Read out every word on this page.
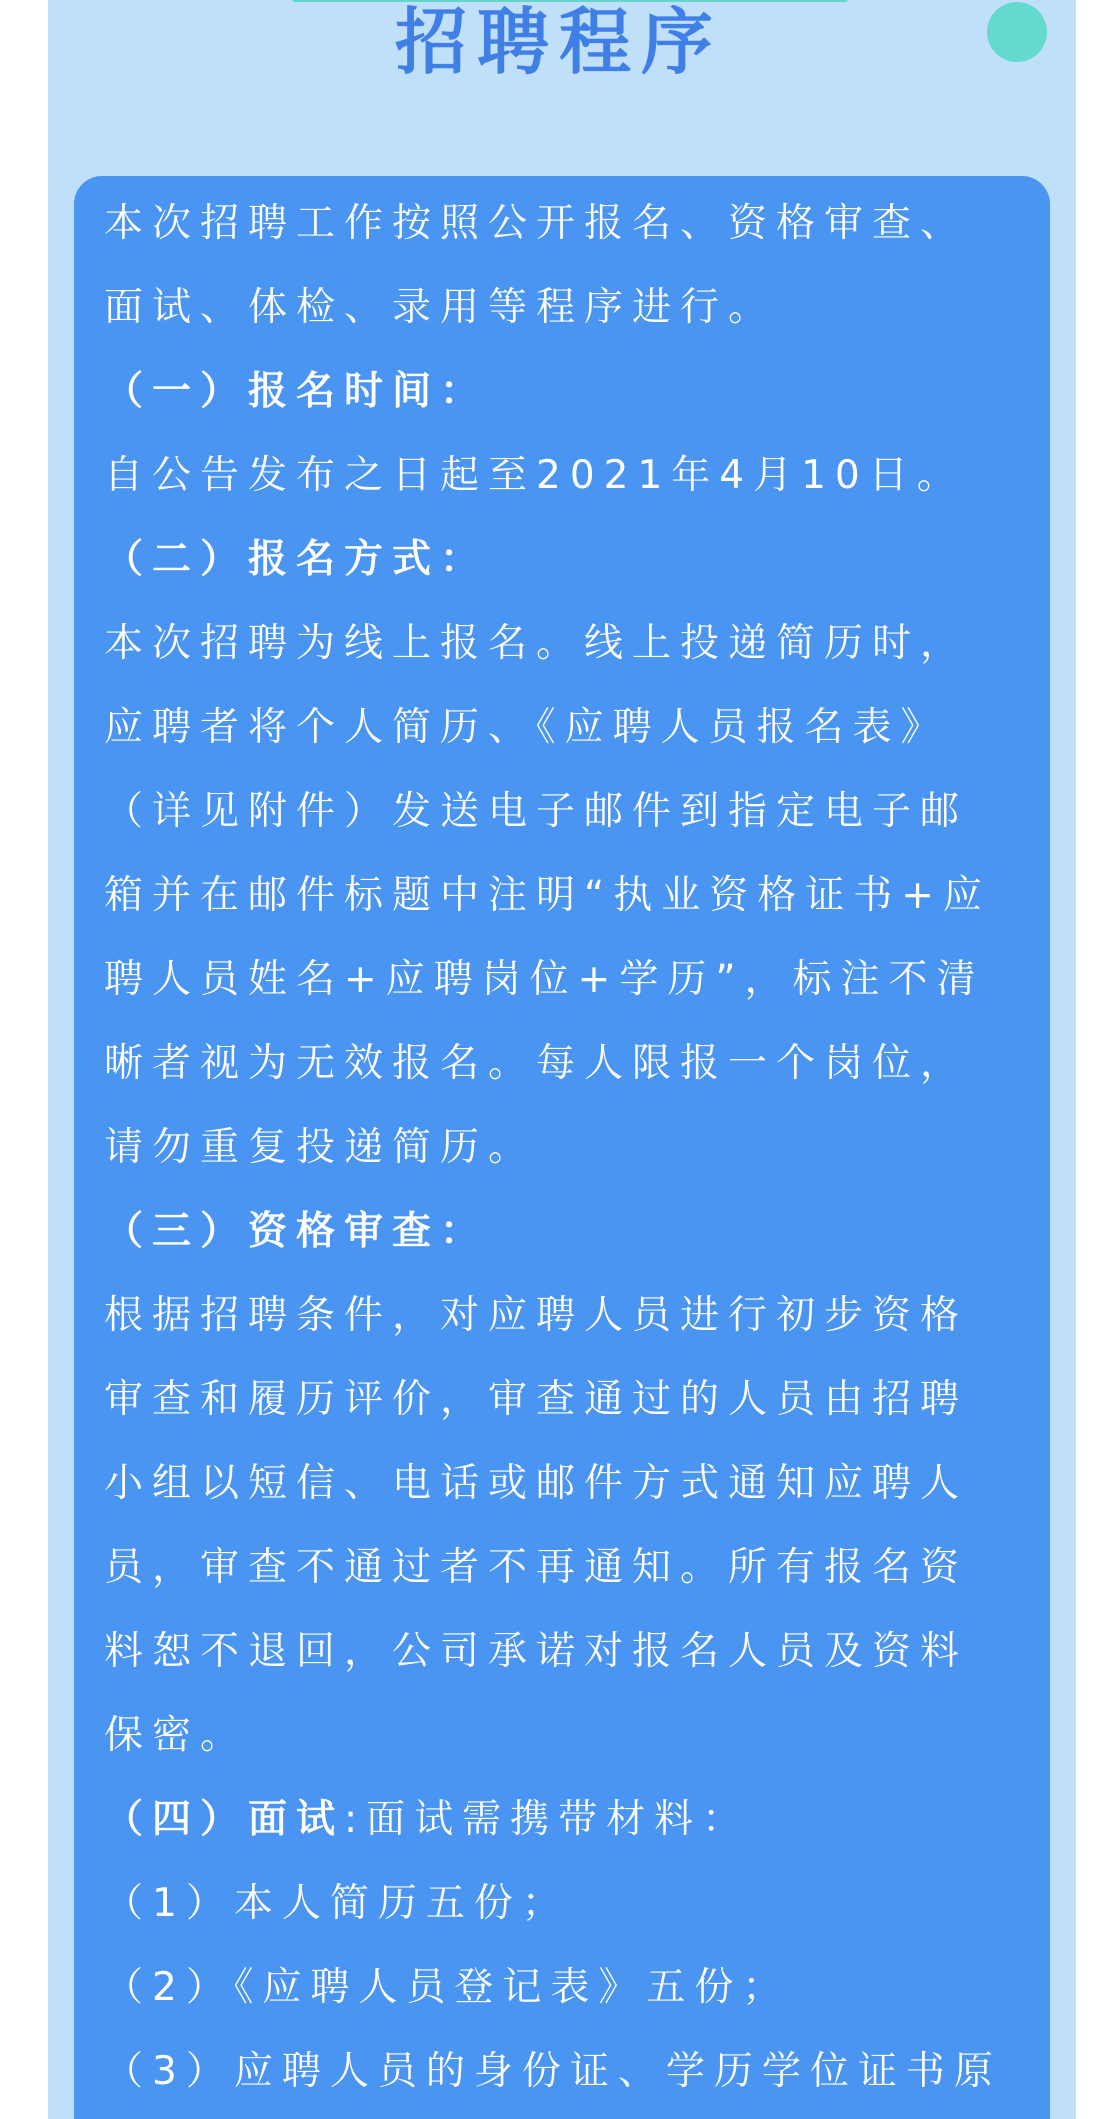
招聘程序
本次招聘工作按照公开报名、资格审查、
面试、体检、录用等程序进行。
（一）报名时间：
自公告发布之日起至2021年4月10日。
（二）报名方式：
本次招聘为线上报名。线上投递简历时，
应聘者将个人简历、《应聘人员报名表》
（详见附件）发送电子邮件到指定电子邮
箱并在邮件标题中注明“执业资格证书+应
聘人员姓名+应聘岗位+学历”，标注不清
晰者视为无效报名。每人限报一个岗位，
请勿重复投递简历。
（三）资格审查：
根据招聘条件，对应聘人员进行初步资格
审查和履历评价，审查通过的人员由招聘
小组以短信、电话或邮件方式通知应聘人
员，审查不通过者不再通知。所有报名资
料恕不退回，公司承诺对报名人员及资料
保密。
（四）面试:面试需携带材料：
（1）本人简历五份；
（2）《应聘人员登记表》五份；
（3）应聘人员的身份证、学历学位证书原
